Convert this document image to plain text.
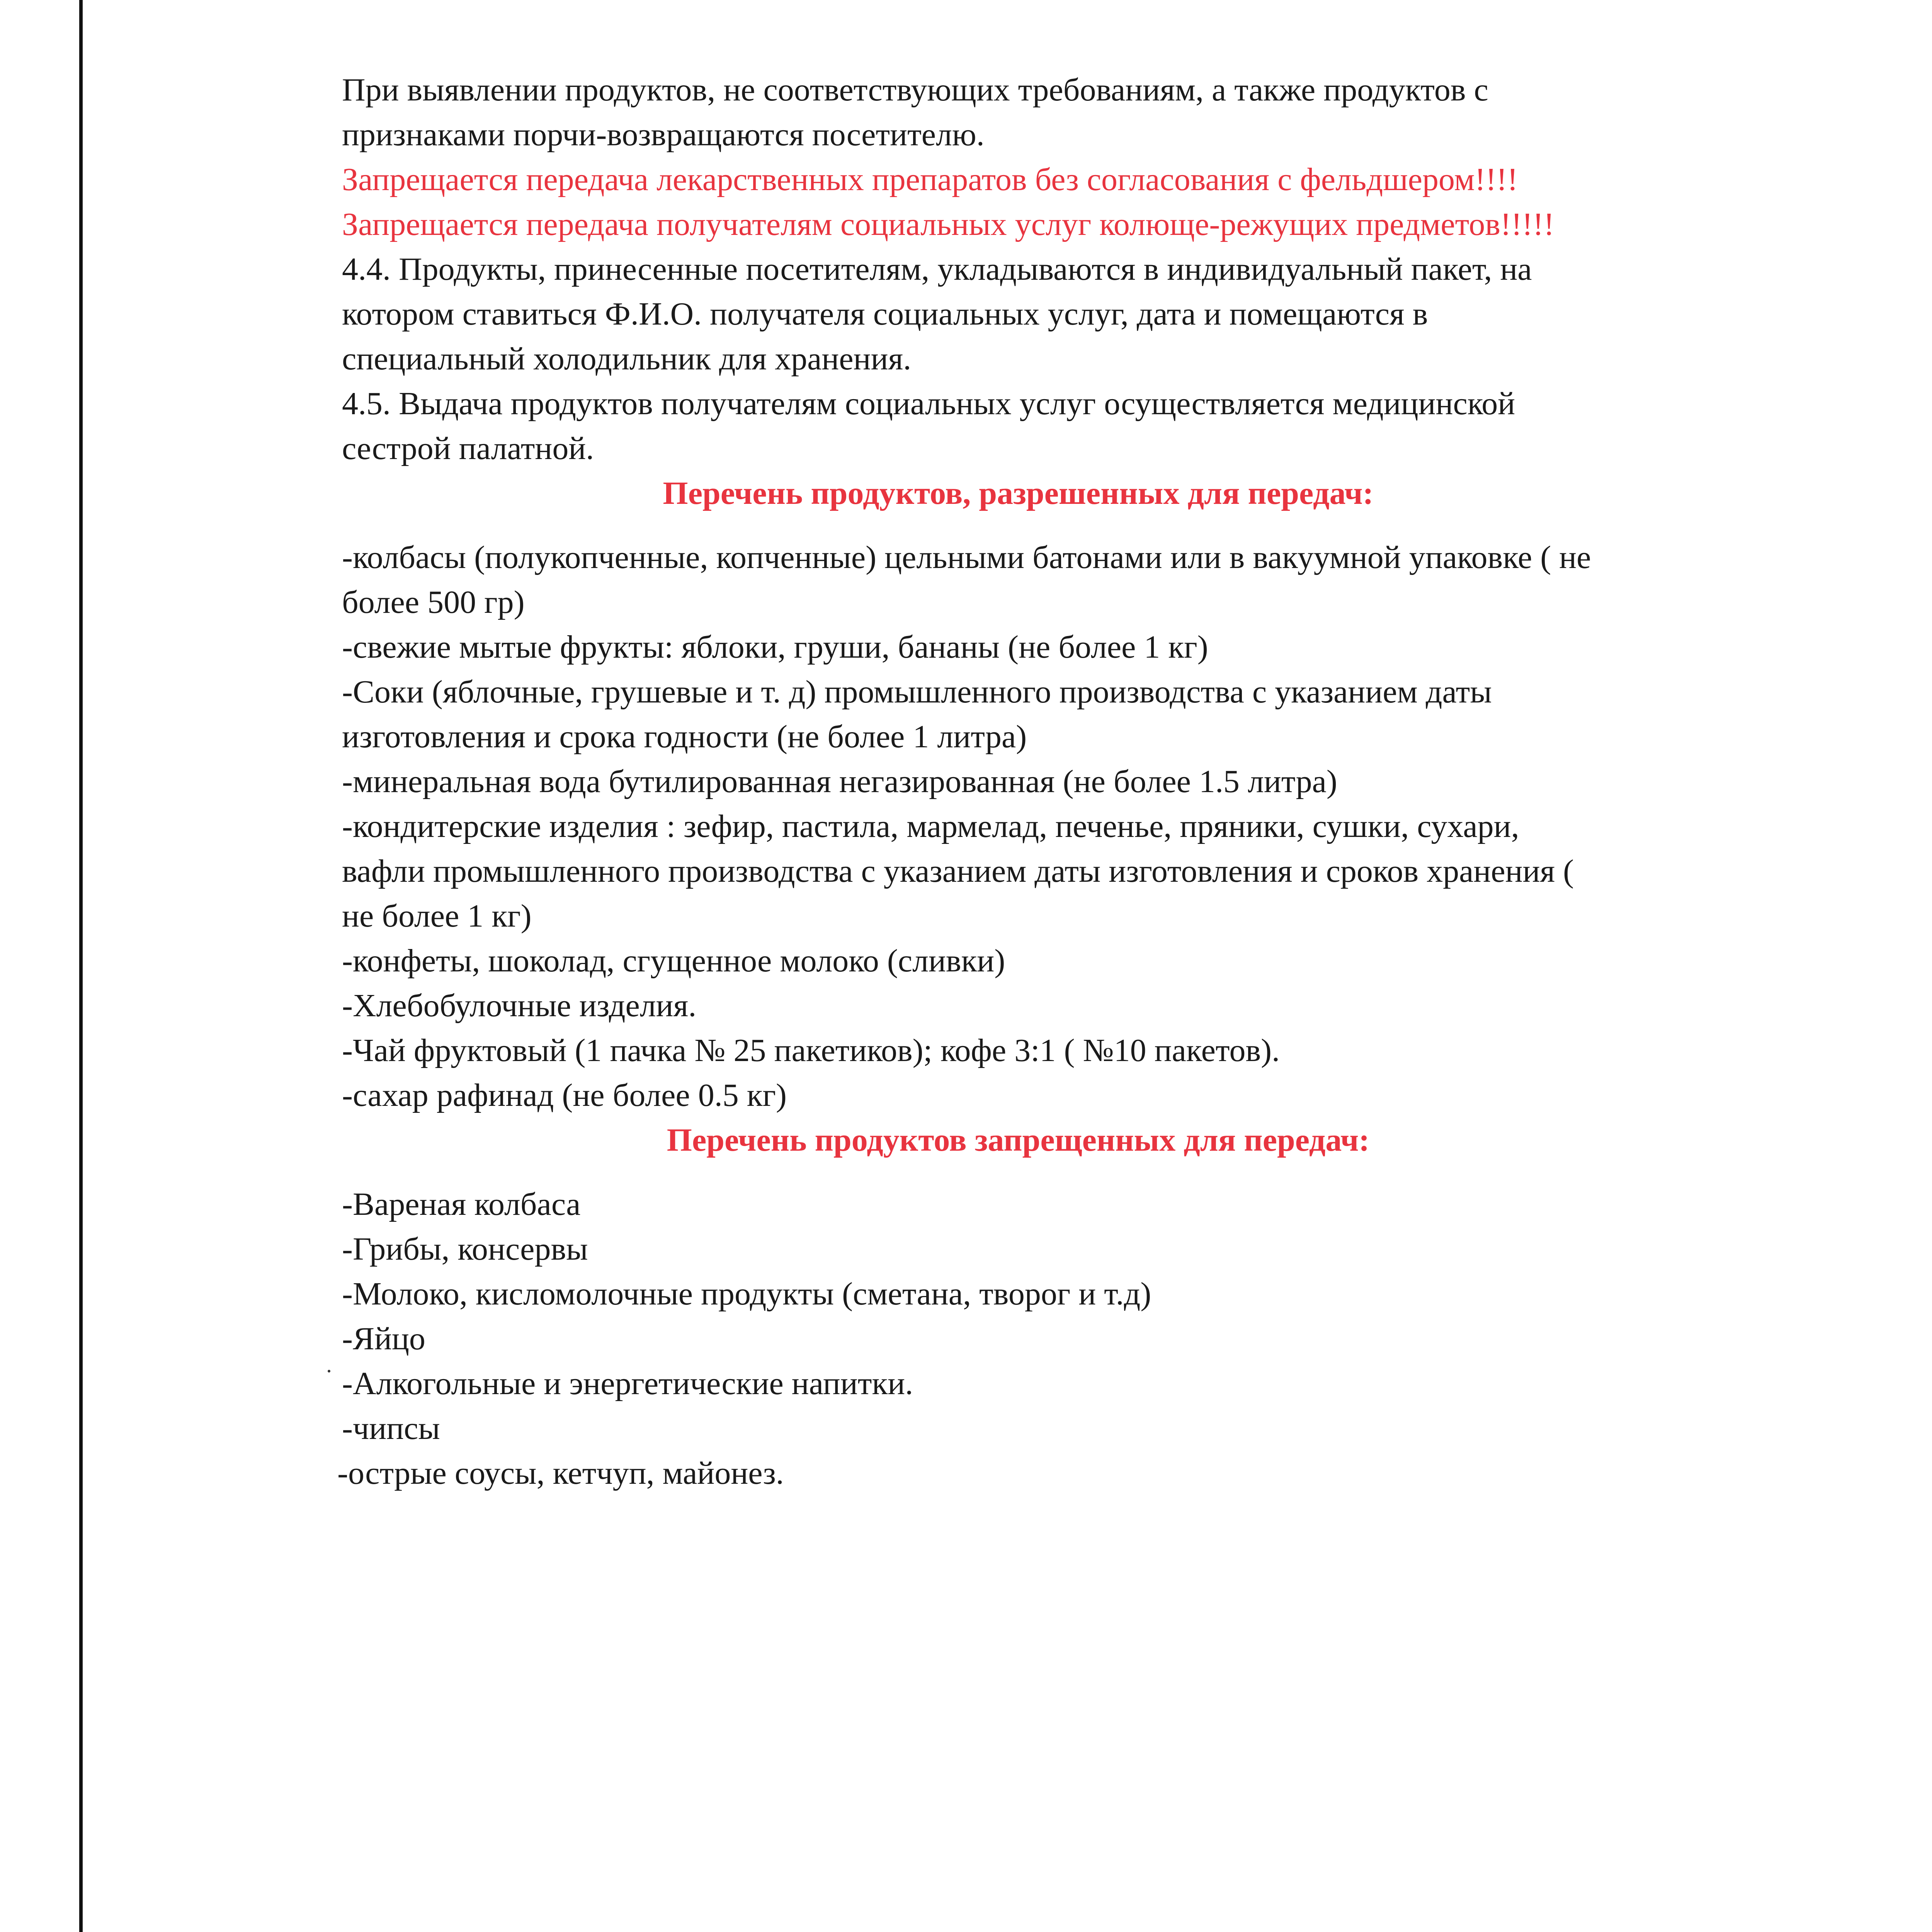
При выявлении продуктов, не соответствующих требованиям, а также продуктов с

признаками порчи-возвращаются посетителю.

Запрещается передача лекарственных препаратов без согласования с фельдшером!!!!

Запрещается передача получателям социальных услуг колюще-режущих предметов!!!!!

4.4. Продукты, принесенные посетителям, укладываются в индивидуальный пакет, на

котором ставиться Ф.И.О. получателя социальных услуг, дата и помещаются в

специальный холодильник для хранения.

4.5. Выдача продуктов получателям социальных услуг осуществляется медицинской

сестрой палатной.

Перечень продуктов, разрешенных для передач:

-колбасы (полукопченные, копченные) цельными батонами или в вакуумной упаковке ( не

более 500 гр)

-свежие мытые фрукты: яблоки, груши, бананы (не более 1 кг)

-Соки (яблочные, грушевые и т. д) промышленного производства с указанием даты

изготовления и срока годности (не более 1 литра)

-минеральная вода бутилированная негазированная (не более 1.5 литра)

-кондитерские изделия : зефир, пастила, мармелад, печенье, пряники, сушки, сухари,

вафли промышленного производства с указанием даты изготовления и сроков хранения (

не более 1 кг)

-конфеты, шоколад, сгущенное молоко (сливки)

-Хлебобулочные изделия.

-Чай фруктовый (1 пачка № 25 пакетиков); кофе 3:1 ( №10 пакетов).

-сахар рафинад (не более 0.5 кг)

Перечень продуктов запрещенных для передач:

-Вареная колбаса

-Грибы, консервы

-Молоко, кисломолочные продукты (сметана, творог и т.д)

-Яйцо

-Алкогольные и энергетические напитки.

-чипсы

-острые соусы, кетчуп, майонез.
